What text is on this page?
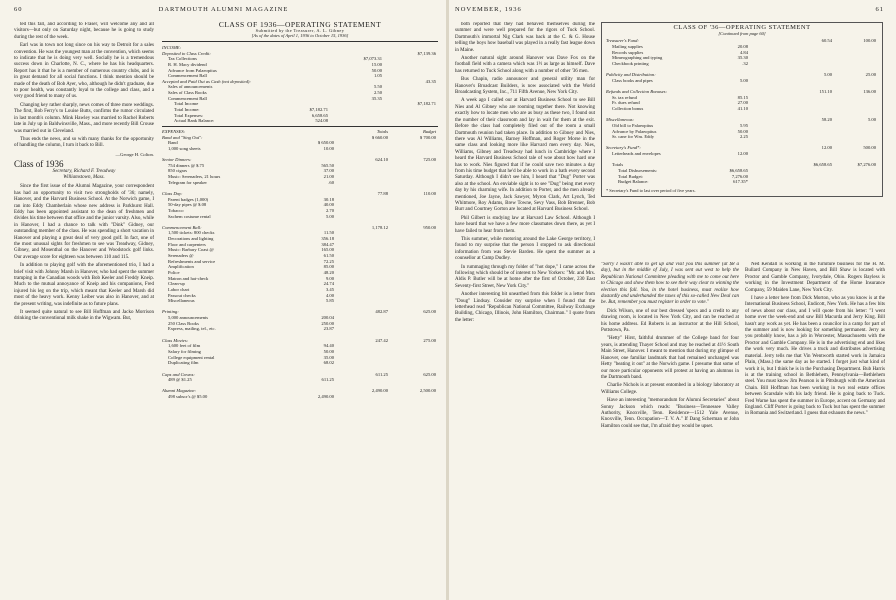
60	DARTMOUTH ALUMNI MAGAZINE

ted this fall, and according to Fraser, will welcome any and all visitors—but only on Saturday night, because he is going to study during the rest of the week.

Earl was in town not long since on his way to Detroit for a sales convention. He was the youngest man at the convention, which seems to indicate that he is doing very well. Socially he is a tremendous success down in Charlotte, N. C., where he has his headquarters. Report has it that he is a member of numerous country clubs, and is in great demand for all social functions. I think mention should be made of the death of Bob Ayer, who, although he didn't graduate, due to poor health, was constantly loyal to the college and class, and a very good friend to many of us.

Changing key rather sharply, news comes of three more weddings. The first, Bob Ferry's to Louise Butts, confirms the rumor circulated in last month's column. Mink Hawley was married to Rachel Roberts late in July up in Baldwinsville, Mass., and more recently Bill Crouse was married out in Cleveland.

Thus ends the news, and so with many thanks for the opportunity of handling the column, I turn it back to Bill.

—George H. Colton.
Class of 1936
Secretary, Richard F. Treadway
Williamstown, Mass.

Since the first issue of the Alumni Magazine, your correspondent has had an opportunity to visit two strongholds of '36; namely, Hanover, and the Harvard Business School. At the Norwich game, I ran into Eddy Chamberlain whose new address is Parkhurst Hall. Eddy has been appointed assistant to the dean of freshmen and divides his time between that office and the junior varsity. Also, while in Hanover, I had a chance to talk with "Dink" Gidney, our outstanding member of the class. He was spending a short vacation in Hanover and playing a great deal of very good golf. In fact, one of the most unusual sights for freshmen to see was Treadway, Gidney, Gibney, and Mosenthal on the Hanover and Woodstock golf links. Our average score for eighteen was between 110 and 115.

In addition to playing golf with the aforementioned trio, I had a brief visit with Johnny Marsh in Hanover, who had spent the summer tramping in the Canadian woods with Bob Keeler and Freddy Kneip. Much to the mutual annoyance of Kneip and his companions, Fred injured his leg on the trip, which meant that Keeler and Marsh did most of the heavy work. Kenny Leiber was also in Hanover, and at the present writing, was indefinite as to future plans.

It seemed quite natural to see Bill Hoffman and Jacko Morrison drinking the conventional milk shake in the Wigwam. But,

CLASS OF 1936—OPERATING STATEMENT
Submitted by the Treasurer, A. L. Gibney
[As of the dates of April 1, 1936 to October 15, 1936]
INCOME:
Deposited to Class Credit:	$7,139.36
Tax Collections	$7,073.31
R. H. Macy dividend	15.00
Advance from Palaeopitus	50.00
Commencement Ball	1.05
Accepted and Paid Out as Cash (not deposited):	43.35
Sales of announcements	5.50
Sales of Class Books	2.50
Commencement Ball	35.35
Total Income	$7,182.71
Total Income:	$7,182.71
Total Expenses:	6,658.65
Actual Bank Balance:	524.08
EXPENSES:	Totals	Budget
Band and "Sing Out":	$ 660.00	$ 700.00
Band	$ 650.00
1,000 song sheets	10.00
Senior Dinners:	624.10	725.00
754 dinners @ $.75	565.50
850 cigars	37.00
Music: Serenaders, 21 hours	21.00
Telegram for speaker	.60
Class Day:	77.88	110.00
Parent badges (1,000)	30.18
50-day pipes @ $.08	40.00
Tobacco	2.70
Sachem costume rental	5.00
Commencement Ball:	1,178.12	950.00
1,500 tickets: 800 checks	11.50
Decorations and lighting	356.18
Floor and carpenters	384.47
Music: Barbary Coast @	165.00
Serenaders @	61.50
Refreshments and service	72.25
Amplification	85.00
Police	48.20
Matron and hat-check	9.00
Clean-up	24.74
Labor chart	3.45
Passout checks	4.00
Miscellaneous	5.85
Printing:	482.87	625.00
5,000 announcements	200.04
250 Class Books	250.00
Express, mailing, tel., etc.	23.87
Class Movies:	247.42	275.00
1,600 feet of film	94.40
Salary for filming	50.00
College equipment rental	35.00
Duplicating film	68.02
Caps and Gowns:	611.25	625.00
489 @ $1.25	611.25
Alumni Magazine:	2,490.00	2,500.00
498 subscr's @ $5.00	2,490.00
NOVEMBER, 1936	61

both reported that they had behaved themselves during the summer and were well prepared for the rigors of Tuck School. Dartmouth's immortal Nig Clark was back at the C. & G. House telling the boys how baseball was played in a really fast league down in Maine.

Another natural sight around Hanover was Dave Fox on the football field with a camera which was 1½ as large as himself. Dave has returned to Tuck School along with a number of other '36 men.

Bus Chapin, radio announcer and general utility man for Hanover's Broadcast Builders, is now associated with the World Broadcasting System, Inc., 711 Fifth Avenue, New York City.

A week ago I called our at Harvard Business School to see Bill Nies and Al Gibney who are rooming together there. Not knowing exactly how to locate men who are as busy as these two, I found out the number of their classroom and lay in wait for them at the exit. Before the class had completely filed out of the room a small Dartmouth reunion had taken place. In addition to Gibney and Nies, there was Al Williams, Barney Hoffman, and Roger Morse in the same class and looking more like Harvard men every day. Nies, Williams, Gibney and Treadway had lunch in Cambridge where I heard the Harvard Business School tale of woe about how hard one has to work. Nies figured that if he could save two minutes a day from his time budget that he'd be able to work in a bath every second Saturday. Although I didn't see him, I heard that "Dug" Porter was also at the school. An enviable sight is to see "Dug" being met every day by his charming wife. In addition to Porter, and the men already mentioned, Joe Jayne, Jack Sawyer, Myron Clark, Art Lynch, Ted Whitmore, Roy Adams, Brew Towne, Sevy Vass, Bob Brenner, Bob Burr and Courtney Gorton are located at Harvard Business School.

Phil Gilbert is studying law at Harvard Law School. Although I have heard that we have a few more classmates down there, as yet I have failed to hear from them.

This summer, while motoring around the Lake George territory, I found to my surprise that the person I stopped to ask directional information from was Stevie Barden. He spent the summer as a counsellor at Camp Dudley.

In rummaging through my folder of "hot dope," I came across the following which should be of interest to New Yorkers: "Mr. and Mrs. Aldis P. Butler will be at home after the first of October, 230 East Seventy-first Street, New York City."

Another interesting bit unearthed from this folder is a letter from "Doug" Lindsay. Consider my surprise when I found that the letterhead read "Republican National Committee, Railway Exchange Building, Chicago, Illinois, John Hamilton, Chairman." I quote from the letter:

CLASS OF '36—OPERATING STATEMENT
[Continued from page 60]
Treasurer's Fund:	60.54	100.00
Mailing supplies	20.08
Records supplies	4.84
Mimeographing and typing	35.30
Checkbook printing	.32
Publicity and Distribution:	5.00	25.00
Class books and pipes	5.00
Refunds and Collection Bonuses:	151.10	136.00
Sr. tax refund	85.15
Fr. dues refund	27.00
Collection bonus	41.10
Miscellaneous:	58.20	5.00
Old bill to Palaeopitus	5.95
Advance by Palaeopitus	50.00
Sr. cane for Wm. Eddy	2.25
Secretary's Fund*:	12.00	500.00
Letterheads and envelopes	12.00
Totals	$6,658.65	$7,276.00
Total Disbursements:	$6,658.65
Total Budget:	7,276.00
Budget Balance:	617.35*
* Secretary's Fund to last over period of five years.

"Sorry I wasn't able to get up and visit you this summer (at $8 a day), but in the middle of July, I was sent out west to help the Republican National Committee pleading with me to come out here to Chicago and show them how to see their way clear to winning the election this fall. You, in the hotel business, must realize how dastardly and underhanded the taxes of this so-called New Deal can be. But, remember you must register in order to vote."

Dick Wilson, one of our best dressed 'specs and a credit to any drawing room, is located in New York City, and can be reached at his home address. Ed Roberts is an instructor at the Hill School, Pottstown, Pa.

"Hetty" Hirst, faithful drummer of the College band for four years, is attending Thayer School and may be reached at 41½ South Main Street, Hanover. I meant to mention that during my glimpse of Hanover, one familiar landmark that had remained unchanged was Hetty "beating it out" at the Norwich game. I presume that some of our more particular opponents will protest at having an alumnus in the Dartmouth band.

Charlie Nichols is at present entombed in a biology laboratory at Williams College.

Have an interesting "memorandum for Alumni Secretaries" about Sonny Jackson which reads: "Business—Tennessee Valley Authority, Knoxville, Tenn. Residence—1512 Yale Avenue, Knoxville, Tenn. Occupation—T. V. A." If Dang Scherman or John Hamilton could see that, I'm afraid they would be upset.

Ned Kendall is working in the furniture business for the H. M. Bullard Company in New Haven, and Bill Shaw is located with Proctor and Gamble Company, Ivorydale, Ohio. Rogers Bayless is working in the Investment Department of the Home Insurance Company, 59 Maiden Lane, New York City.

I have a letter here from Dick Morton, who as you know is at the International Business School, Endicott, New York. He has a few bits of news about our class, and I will quote from his letter: "I went home over the week-end and saw Bill Macurda and Jerry King. Bill hasn't any work as yet. He has been a councilor in a camp for part of the summer and is now looking for something permanent. Jerry as you probably know, has a job in Worcester, Massachusetts with the Proctor and Gamble Company. He is in the advertising end and likes the work very much. He drives a truck and distributes advertising material. Jerry tells me that Vin Wentworth started work in Jamaica Plain, (Mass.) the same day as he started. I forget just what kind of work it is, but I think he is in the Purchasing Department. Bub Harris is at the training school in Bethlehem, Pennsylvania—Bethlehem steel. You must know Jim Pearson is in Pittsburgh with the American Chain. Bill Hoffman has been working in two real estate offices between Scarsdale with his lady friend. He is going back to Tuck. Fred Warne has spent the summer in Europe, accent on Germany and England. Cliff Porter is going back to Tuck but has spent the summer in Romania and Switzerland. I guess that exhausts the news."
